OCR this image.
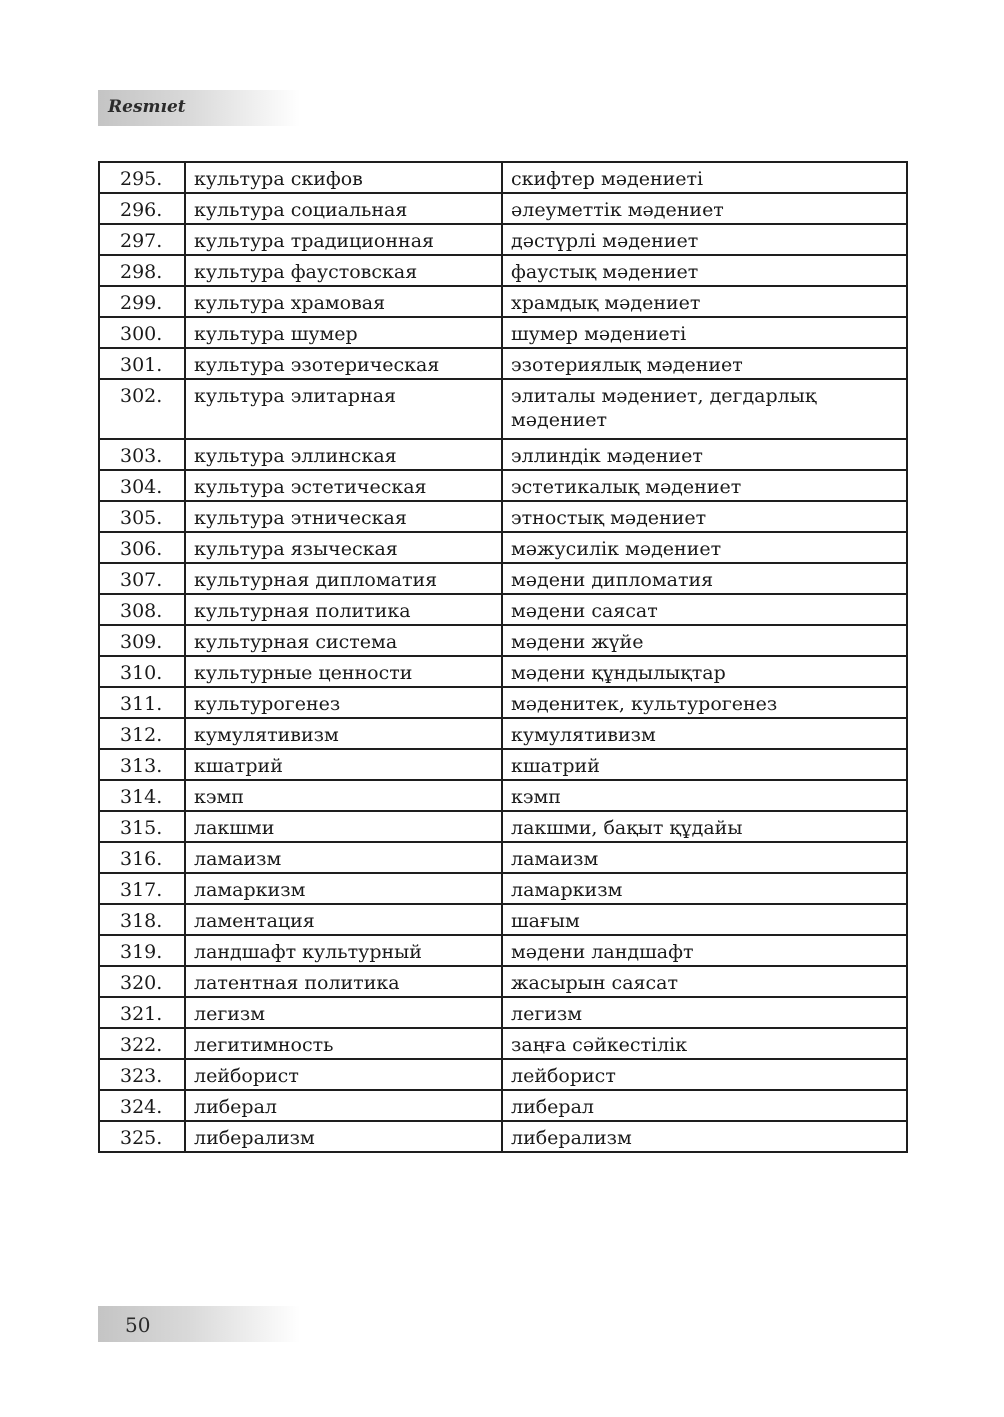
Resmıet
295.	культура скифов	скифтер мәдениеті
296.	культура социальная	әлеуметтік мәдениет
297.	культура традиционная	дәстүрлі мәдениет
298.	культура фаустовская	фаустық мәдениет
299.	культура храмовая	храмдық мәдениет
300.	культура шумер	шумер мәдениеті
301.	культура эзотерическая	эзотериялық мәдениет
302.	культура элитарная	элиталы мәдениет, дегдарлық мәдениет
303.	культура эллинская	эллиндік мәдениет
304.	культура эстетическая	эстетикалық мәдениет
305.	культура этническая	этностық мәдениет
306.	культура языческая	мәжусилік мәдениет
307.	культурная дипломатия	мәдени дипломатия
308.	культурная политика	мәдени саясат
309.	культурная система	мәдени жүйе
310.	культурные ценности	мәдени құндылықтар
311.	культурогенез	мәденитек, культурогенез
312.	кумулятивизм	кумулятивизм
313.	кшатрий	кшатрий
314.	кэмп	кэмп
315.	лакшми	лакшми, бақыт құдайы
316.	ламаизм	ламаизм
317.	ламаркизм	ламаркизм
318.	ламентация	шағым
319.	ландшафт культурный	мәдени ландшафт
320.	латентная политика	жасырын саясат
321.	легизм	легизм
322.	легитимность	заңға сәйкестілік
323.	лейборист	лейборист
324.	либерал	либерал
325.	либерализм	либерализм
50
